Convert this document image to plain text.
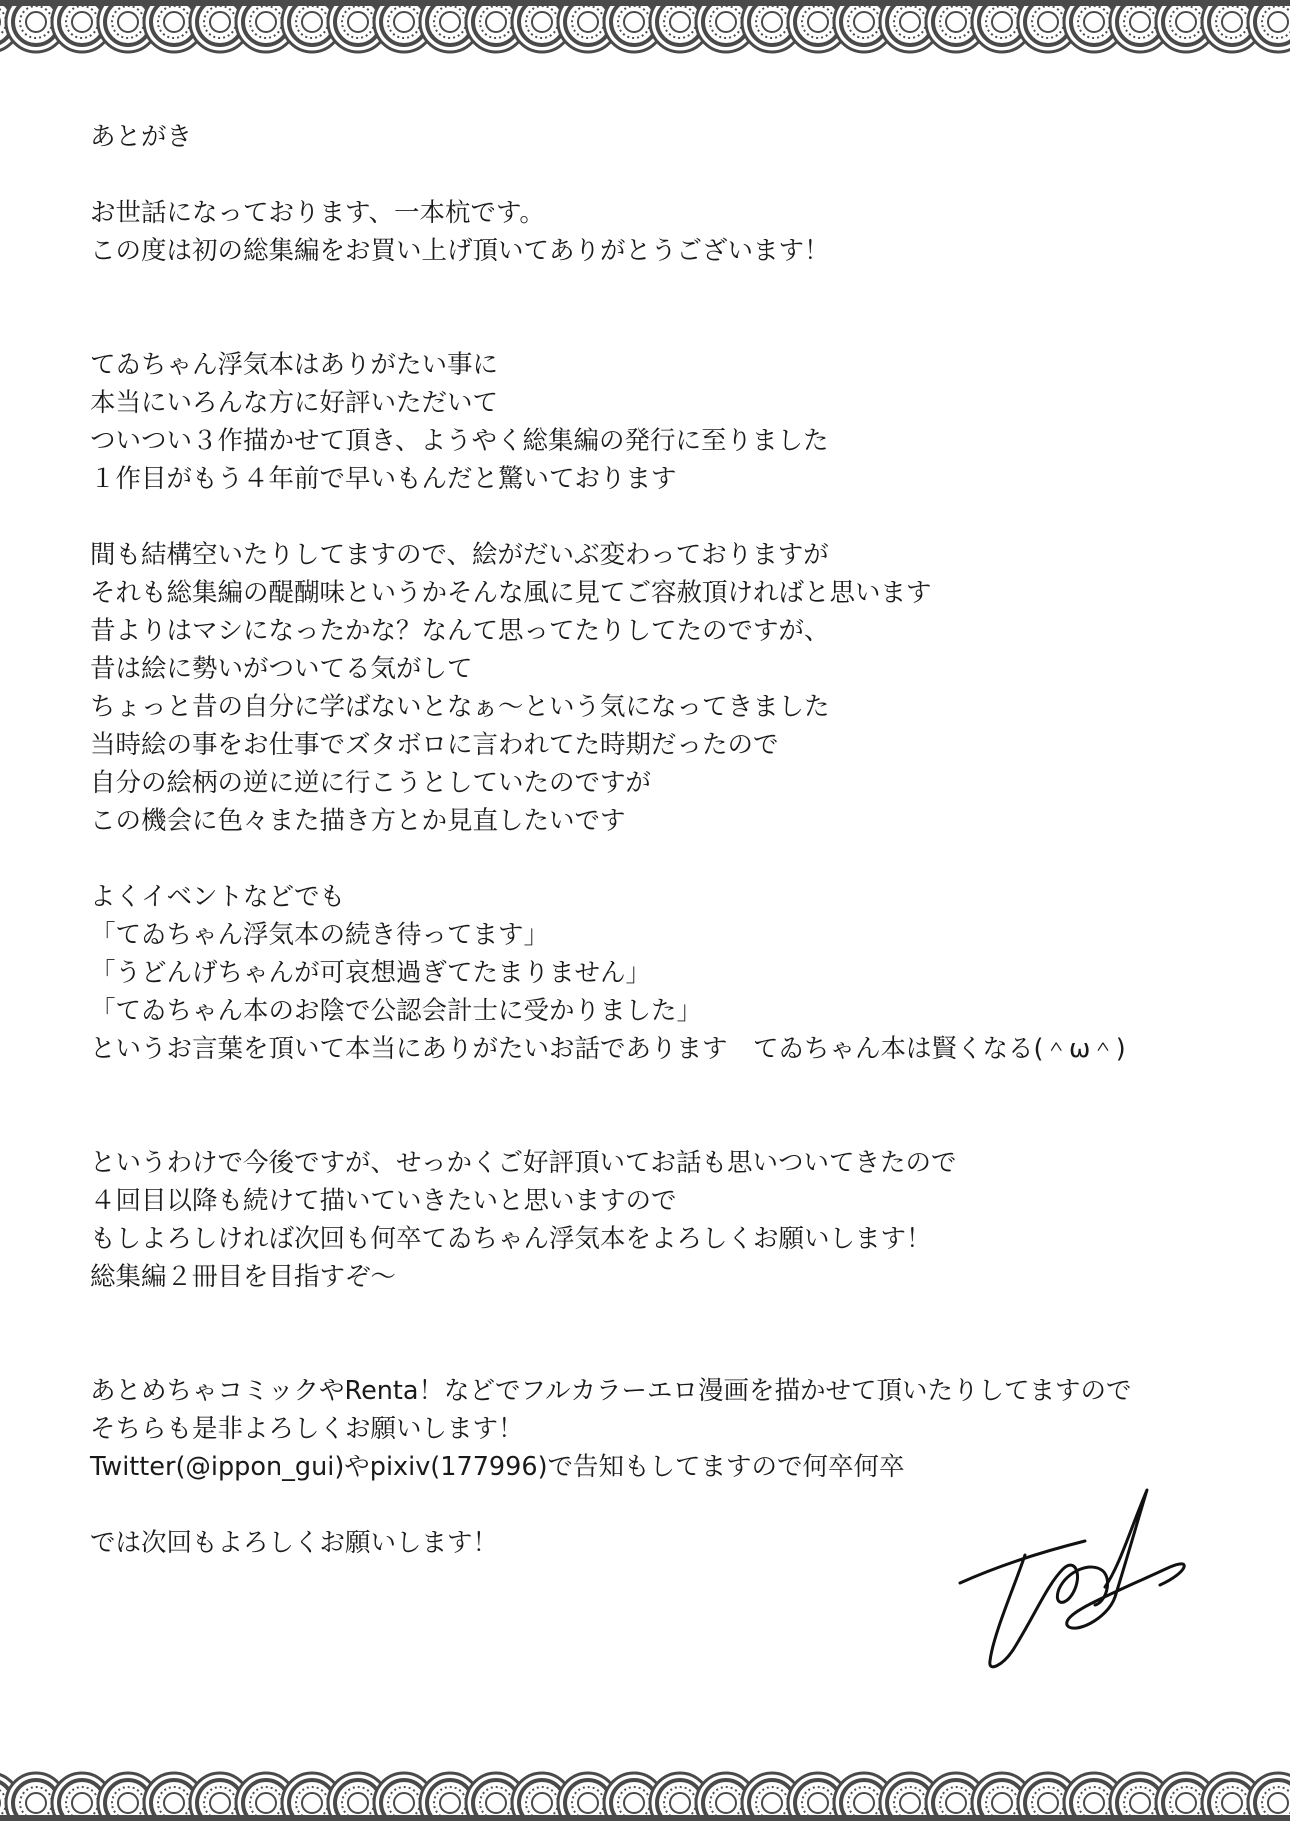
あとがき

お世話になっております、一本杭です。

この度は初の総集編をお買い上げ頂いてありがとうございます！

てゐちゃん浮気本はありがたい事に

本当にいろんな方に好評いただいて

ついつい３作描かせて頂き、ようやく総集編の発行に至りました

１作目がもう４年前で早いもんだと驚いております

間も結構空いたりしてますので、絵がだいぶ変わっておりますが

それも総集編の醍醐味というかそんな風に見てご容赦頂ければと思います

昔よりはマシになったかな？なんて思ってたりしてたのですが、

昔は絵に勢いがついてる気がして

ちょっと昔の自分に学ばないとなぁ～という気になってきました

当時絵の事をお仕事でズタボロに言われてた時期だったので

自分の絵柄の逆に逆に行こうとしていたのですが

この機会に色々また描き方とか見直したいです

よくイベントなどでも

「てゐちゃん浮気本の続き待ってます」

「うどんげちゃんが可哀想過ぎてたまりません」

「てゐちゃん本のお陰で公認会計士に受かりました」

というお言葉を頂いて本当にありがたいお話であります　てゐちゃん本は賢くなる(＾ω＾)

というわけで今後ですが、せっかくご好評頂いてお話も思いついてきたので

４回目以降も続けて描いていきたいと思いますので

もしよろしければ次回も何卒てゐちゃん浮気本をよろしくお願いします！

総集編２冊目を目指すぞ～

あとめちゃコミックやRenta！などでフルカラーエロ漫画を描かせて頂いたりしてますので

そちらも是非よろしくお願いします！

Twitter(@ippon_gui)やpixiv(177996)で告知もしてますので何卒何卒

では次回もよろしくお願いします！
